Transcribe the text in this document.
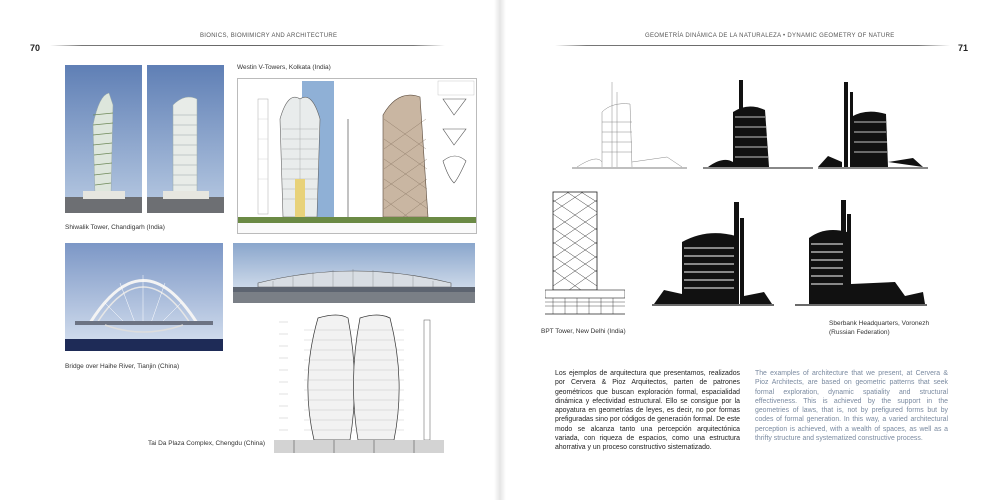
70
BIONICS, BIOMIMICRY AND ARCHITECTURE
71
GEOMETRÍA DINÁMICA DE LA NATURALEZA • DYNAMIC GEOMETRY OF NATURE
Shiwalik Tower, Chandigarh (India)
Westin V-Towers, Kolkata (India)
Bridge over Haihe River, Tianjin (China)
Tai Da Plaza Complex, Chengdu (China)
BPT Tower, New Delhi (India)
Sberbank Headquarters, Voronezh
(Russian Federation)
Los ejemplos de arquitectura que presentamos, realizados por Cervera & Pioz Arquitectos, parten de patrones geométricos que buscan exploración formal, espacialidad dinámica y efectividad estructural. Ello se consigue por la apoyatura en geometrías de leyes, es decir, no por formas prefiguradas sino por códigos de generación formal. De este modo se alcanza tanto una percepción arquitectónica variada, con riqueza de espacios, como una estructura ahorrativa y un proceso constructivo sistematizado.
The examples of architecture that we present, at Cervera & Pioz Architects, are based on geometric patterns that seek formal exploration, dynamic spatiality and structural effectiveness. This is achieved by the support in the geometries of laws, that is, not by prefigured forms but by codes of formal generation. In this way, a varied architectural perception is achieved, with a wealth of spaces, as well as a thrifty structure and systematized constructive process.
